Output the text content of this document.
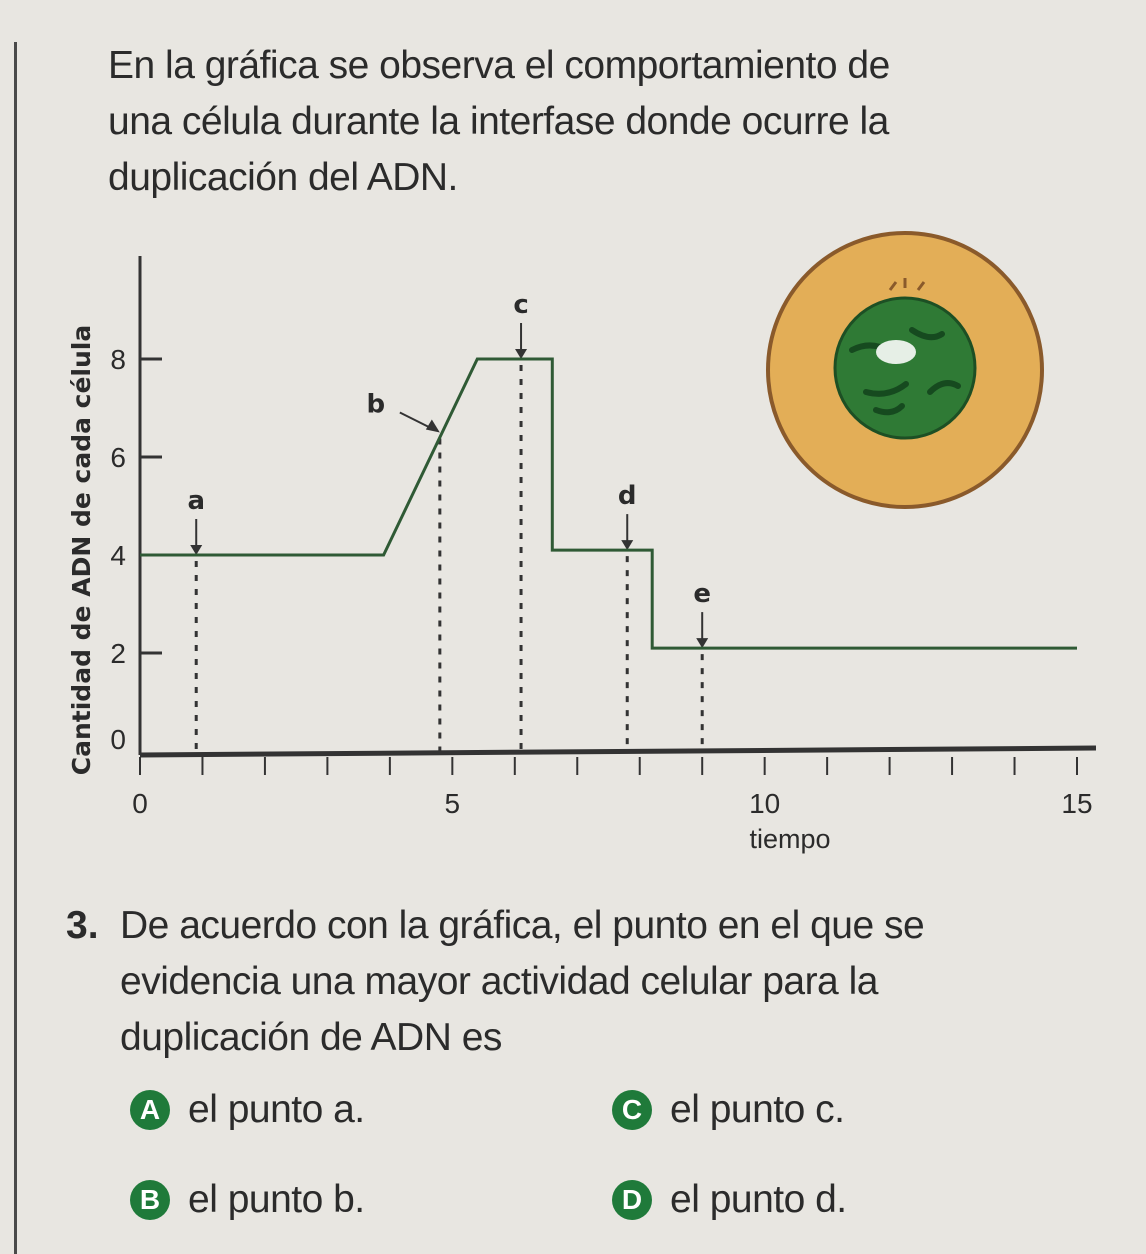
En la gráfica se observa el comportamiento de una célula durante la interfase donde ocurre la duplicación del ADN.
Cantidad de ADN de cada célula
tiempo
0	5	10	15
0
2
4
6
8
a
b
c
d
e
3. De acuerdo con la gráfica, el punto en el que se evidencia una mayor actividad celular para la duplicación de ADN es
A el punto a.
B el punto b.
C el punto c.
D el punto d.
